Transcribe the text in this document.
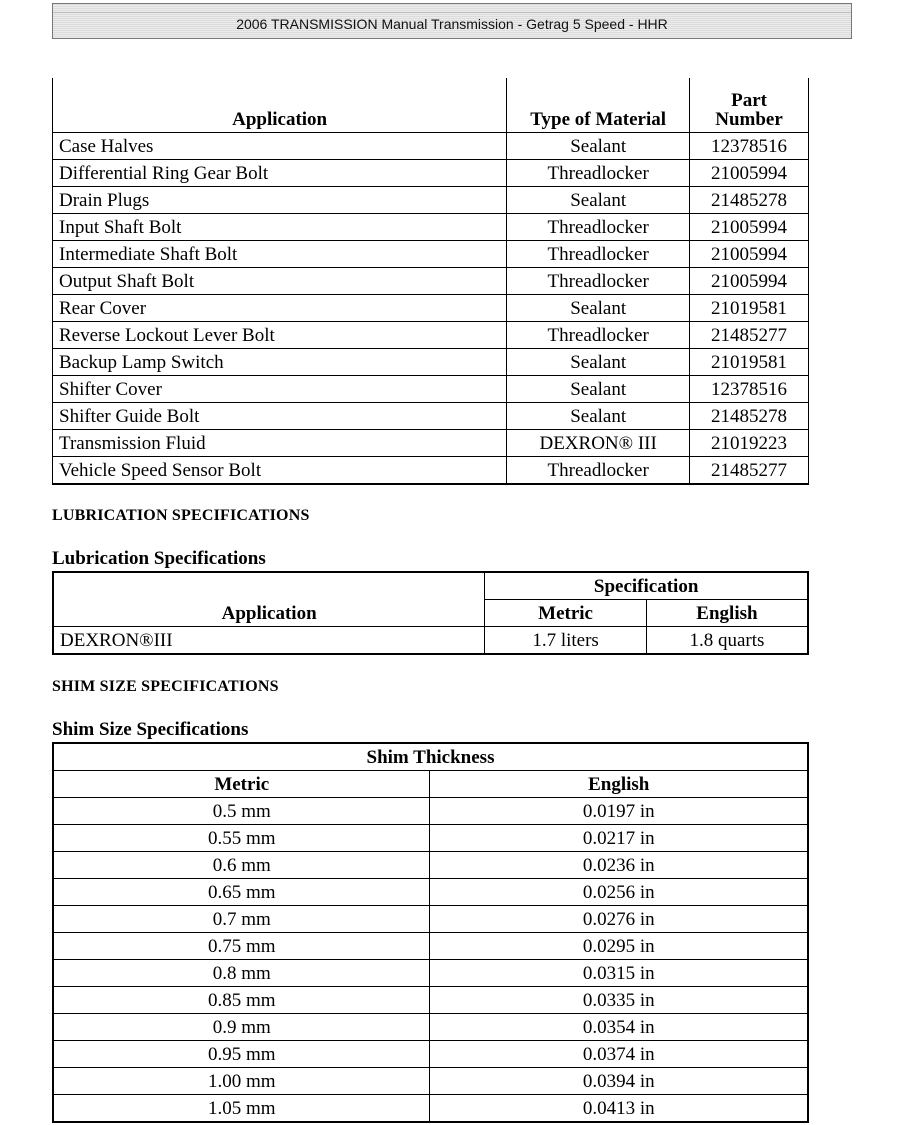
2006 TRANSMISSION Manual Transmission - Getrag 5 Speed - HHR
Application	Type of Material	Part
Number
Case Halves	Sealant	12378516
Differential Ring Gear Bolt	Threadlocker	21005994
Drain Plugs	Sealant	21485278
Input Shaft Bolt	Threadlocker	21005994
Intermediate Shaft Bolt	Threadlocker	21005994
Output Shaft Bolt	Threadlocker	21005994
Rear Cover	Sealant	21019581
Reverse Lockout Lever Bolt	Threadlocker	21485277
Backup Lamp Switch	Sealant	21019581
Shifter Cover	Sealant	12378516
Shifter Guide Bolt	Sealant	21485278
Transmission Fluid	DEXRON® III	21019223
Vehicle Speed Sensor Bolt	Threadlocker	21485277
LUBRICATION SPECIFICATIONS
Lubrication Specifications
Application	Specification	
	Metric	English
DEXRON®III	1.7 liters	1.8 quarts
SHIM SIZE SPECIFICATIONS
Shim Size Specifications
Shim Thickness	
Metric	English
0.5 mm	0.0197 in
0.55 mm	0.0217 in
0.6 mm	0.0236 in
0.65 mm	0.0256 in
0.7 mm	0.0276 in
0.75 mm	0.0295 in
0.8 mm	0.0315 in
0.85 mm	0.0335 in
0.9 mm	0.0354 in
0.95 mm	0.0374 in
1.00 mm	0.0394 in
1.05 mm	0.0413 in
